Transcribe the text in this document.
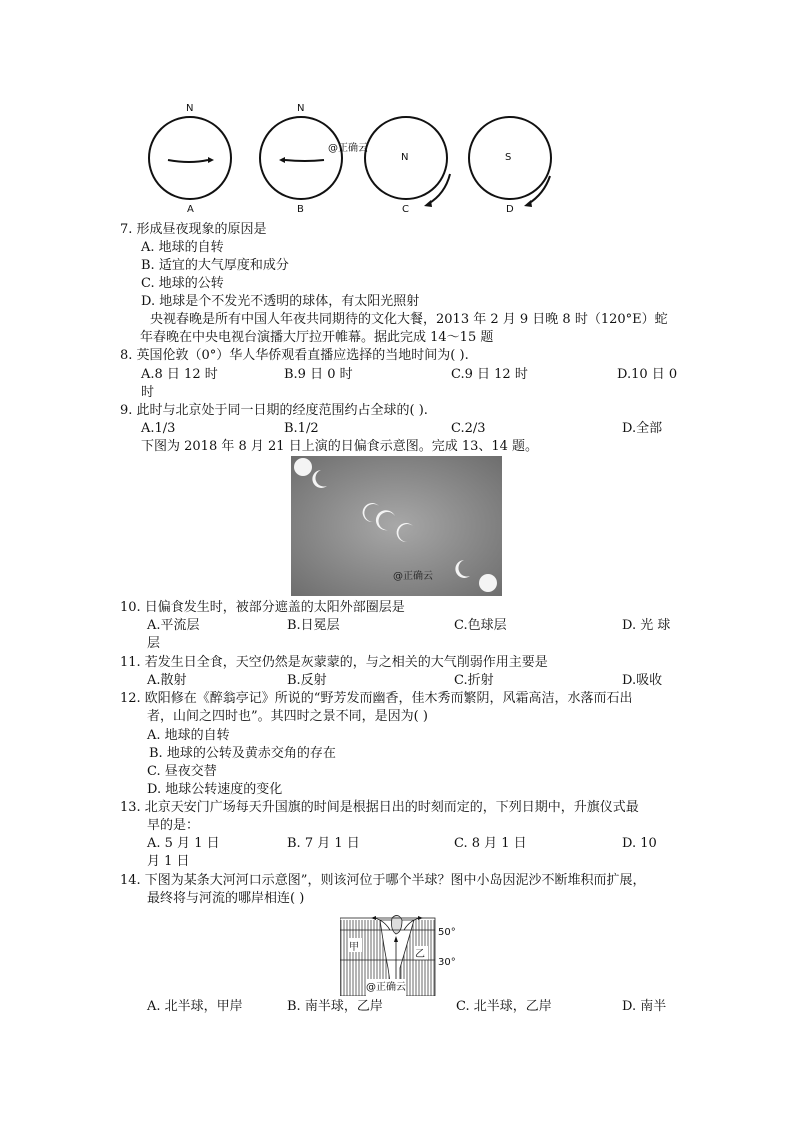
N
A
N
B
N
C
S
D
@正确云
7. 形成昼夜现象的原因是
A. 地球的自转
B. 适宜的大气厚度和成分
C. 地球的公转
D. 地球是个不发光不透明的球体，有太阳光照射
央视春晚是所有中国人年夜共同期待的文化大餐，2013 年 2 月 9 日晚 8 时（120°E）蛇
年春晚在中央电视台演播大厅拉开帷幕。据此完成 14～15 题
8. 英国伦敦（0°）华人华侨观看直播应选择的当地时间为( ).
A.8 日 12 时	B.9 日 0 时	C.9 日 12 时	D.10 日 0
时
9. 此时与北京处于同一日期的经度范围约占全球的( ).
A.1/3	B.1/2	C.2/3	D.全部
下图为 2018 年 8 月 21 日上演的日偏食示意图。完成 13、14 题。
@正确云
10. 日偏食发生时，被部分遮盖的太阳外部圈层是
A.平流层	B.日冕层	C.色球层	D. 光 球
层
11. 若发生日全食，天空仍然是灰蒙蒙的，与之相关的大气削弱作用主要是
A.散射	B.反射	C.折射	D.吸收
12. 欧阳修在《醉翁亭记》所说的“野芳发而幽香，佳木秀而繁阴，风霜高洁，水落而石出
者，山间之四时也”。其四时之景不同，是因为( )
A. 地球的自转
B. 地球的公转及黄赤交角的存在
C. 昼夜交替
D. 地球公转速度的变化
13. 北京天安门广场每天升国旗的时间是根据日出的时刻而定的，下列日期中，升旗仪式最
早的是：
A. 5 月 1 日	B. 7 月 1 日	C. 8 月 1 日	D. 10
月 1 日
14. 下图为某条大河河口示意图”，则该河位于哪个半球？图中小岛因泥沙不断堆积而扩展，
最终将与河流的哪岸相连( )
甲
乙
50°
30°
@正确云
A. 北半球，甲岸	B. 南半球，乙岸	C. 北半球，乙岸	D. 南半
